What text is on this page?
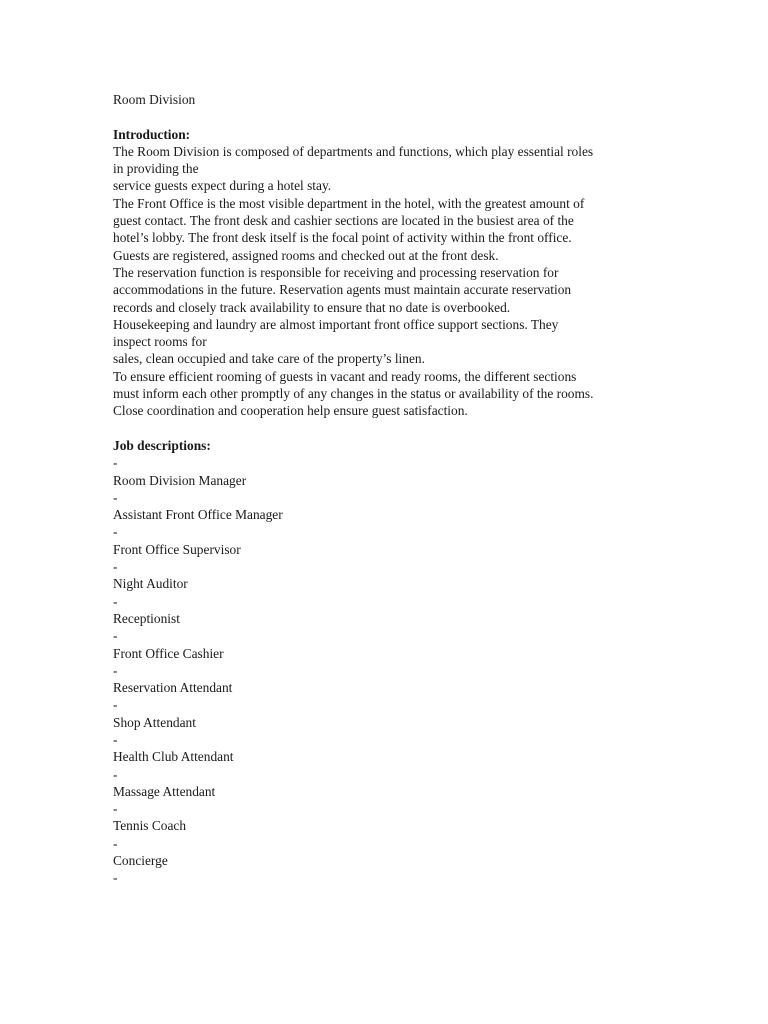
Room Division
Introduction:
The Room Division is composed of departments and functions, which play essential roles
in providing the
service guests expect during a hotel stay.
The Front Office is the most visible department in the hotel, with the greatest amount of
guest contact. The front desk and cashier sections are located in the busiest area of the
hotel’s lobby. The front desk itself is the focal point of activity within the front office.
Guests are registered, assigned rooms and checked out at the front desk.
The reservation function is responsible for receiving and processing reservation for
accommodations in the future. Reservation agents must maintain accurate reservation
records and closely track availability to ensure that no date is overbooked.
Housekeeping and laundry are almost important front office support sections. They
inspect rooms for
sales, clean occupied and take care of the property’s linen.
To ensure efficient rooming of guests in vacant and ready rooms, the different sections
must inform each other promptly of any changes in the status or availability of the rooms.
Close coordination and cooperation help ensure guest satisfaction.
Job descriptions:
-
Room Division Manager
-
Assistant Front Office Manager
-
Front Office Supervisor
-
Night Auditor
-
Receptionist
-
Front Office Cashier
-
Reservation Attendant
-
Shop Attendant
-
Health Club Attendant
-
Massage Attendant
-
Tennis Coach
-
Concierge
-
